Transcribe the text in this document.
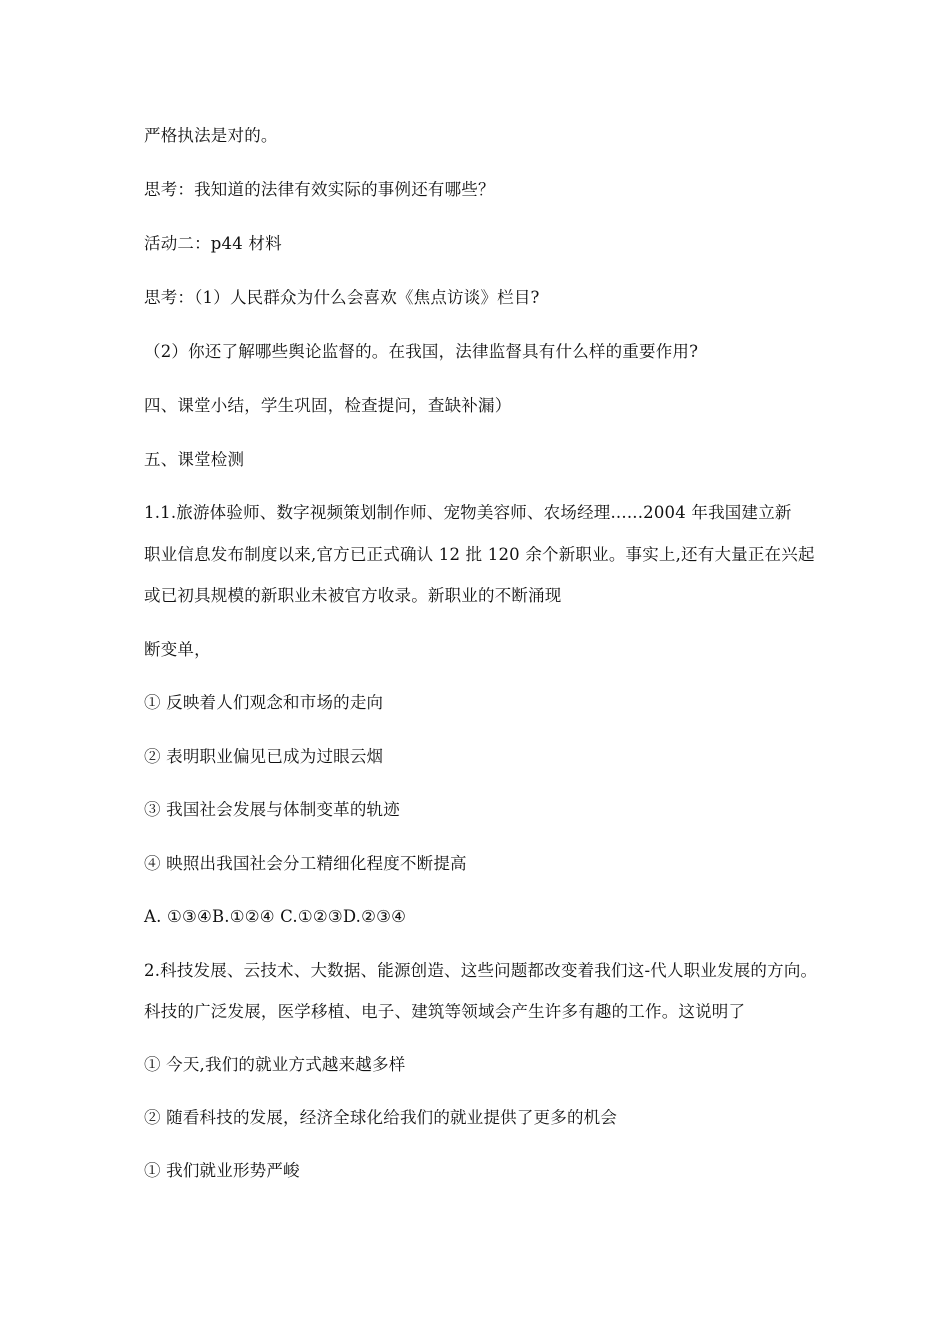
严格执法是对的。
思考：我知道的法律有效实际的事例还有哪些？
活动二：p44 材料
思考：（1）人民群众为什么会喜欢《焦点访谈》栏目?
（2）你还了解哪些舆论监督的。在我国，法律监督具有什么样的重要作用?
四、课堂小结，学生巩固，检查提问，查缺补漏）
五、课堂检测
1.1.旅游体验师、数字视频策划制作师、宠物美容师、农场经理......2004 年我国建立新
职业信息发布制度以来,官方已正式确认 12 批 120 余个新职业。事实上,还有大量正在兴起
或已初具规模的新职业未被官方收录。新职业的不断涌现
断变单，
① 反映着人们观念和市场的走向
② 表明职业偏见已成为过眼云烟
③ 我国社会发展与体制变革的轨迹
④ 映照出我国社会分工精细化程度不断提高
A. ①③④B.①②④ C.①②③D.②③④
2.科技发展、云技术、大数据、能源创造、这些问题都改变着我们这-代人职业发展的方向。
科技的广泛发展，医学移植、电子、建筑等领域会产生许多有趣的工作。这说明了
① 今天,我们的就业方式越来越多样
② 随看科技的发展，经济全球化给我们的就业提供了更多的机会
① 我们就业形势严峻
